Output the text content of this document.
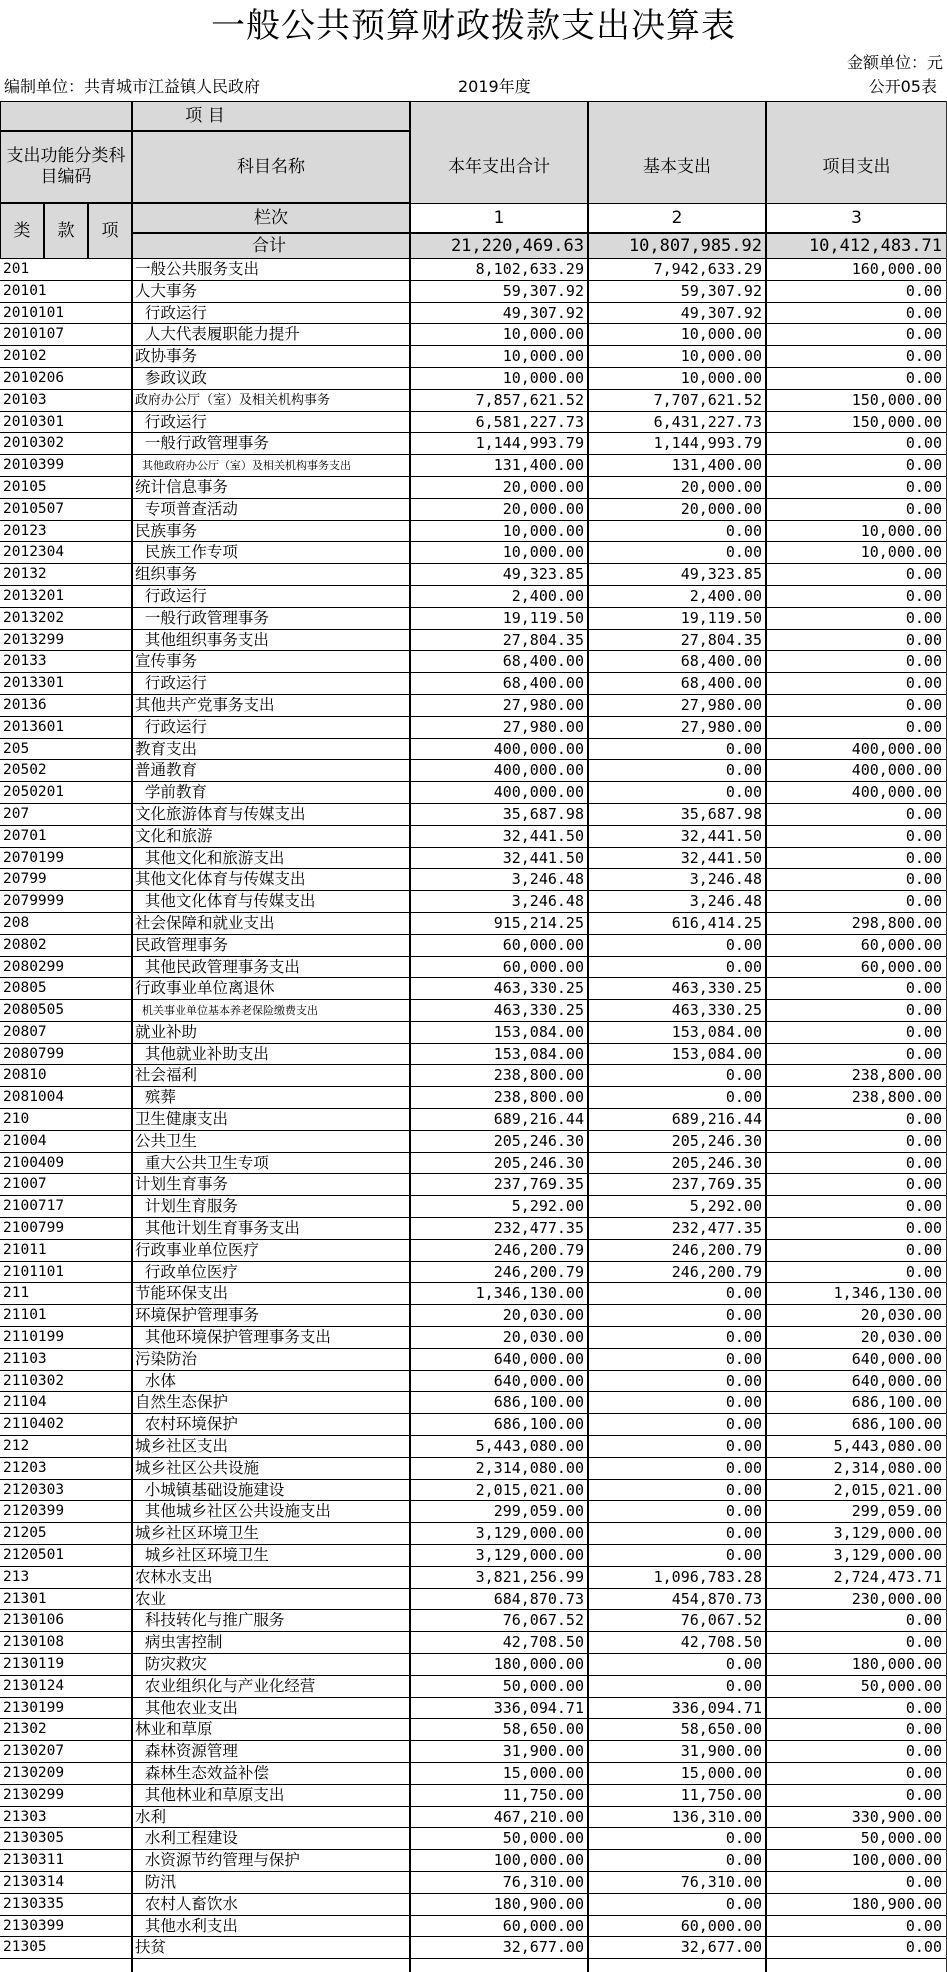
一般公共预算财政拨款支出决算表
金额单位：元
编制单位：共青城市江益镇人民政府	2019年度	公开05表
项 目
支出功能分类科目编码
科目名称	本年支出合计	基本支出	项目支出
1	2	3
类	款	项
栏次
合计	21,220,469.63	10,807,985.92	10,412,483.71
201	一般公共服务支出	8,102,633.29	7,942,633.29	160,000.00
20101	人大事务	59,307.92	59,307.92	0.00
2010101	行政运行	49,307.92	49,307.92	0.00
2010107	人大代表履职能力提升	10,000.00	10,000.00	0.00
20102	政协事务	10,000.00	10,000.00	0.00
2010206	参政议政	10,000.00	10,000.00	0.00
20103	政府办公厅（室）及相关机构事务	7,857,621.52	7,707,621.52	150,000.00
2010301	行政运行	6,581,227.73	6,431,227.73	150,000.00
2010302	一般行政管理事务	1,144,993.79	1,144,993.79	0.00
2010399	其他政府办公厅（室）及相关机构事务支出	131,400.00	131,400.00	0.00
20105	统计信息事务	20,000.00	20,000.00	0.00
2010507	专项普查活动	20,000.00	20,000.00	0.00
20123	民族事务	10,000.00	0.00	10,000.00
2012304	民族工作专项	10,000.00	0.00	10,000.00
20132	组织事务	49,323.85	49,323.85	0.00
2013201	行政运行	2,400.00	2,400.00	0.00
2013202	一般行政管理事务	19,119.50	19,119.50	0.00
2013299	其他组织事务支出	27,804.35	27,804.35	0.00
20133	宣传事务	68,400.00	68,400.00	0.00
2013301	行政运行	68,400.00	68,400.00	0.00
20136	其他共产党事务支出	27,980.00	27,980.00	0.00
2013601	行政运行	27,980.00	27,980.00	0.00
205	教育支出	400,000.00	0.00	400,000.00
20502	普通教育	400,000.00	0.00	400,000.00
2050201	学前教育	400,000.00	0.00	400,000.00
207	文化旅游体育与传媒支出	35,687.98	35,687.98	0.00
20701	文化和旅游	32,441.50	32,441.50	0.00
2070199	其他文化和旅游支出	32,441.50	32,441.50	0.00
20799	其他文化体育与传媒支出	3,246.48	3,246.48	0.00
2079999	其他文化体育与传媒支出	3,246.48	3,246.48	0.00
208	社会保障和就业支出	915,214.25	616,414.25	298,800.00
20802	民政管理事务	60,000.00	0.00	60,000.00
2080299	其他民政管理事务支出	60,000.00	0.00	60,000.00
20805	行政事业单位离退休	463,330.25	463,330.25	0.00
2080505	机关事业单位基本养老保险缴费支出	463,330.25	463,330.25	0.00
20807	就业补助	153,084.00	153,084.00	0.00
2080799	其他就业补助支出	153,084.00	153,084.00	0.00
20810	社会福利	238,800.00	0.00	238,800.00
2081004	殡葬	238,800.00	0.00	238,800.00
210	卫生健康支出	689,216.44	689,216.44	0.00
21004	公共卫生	205,246.30	205,246.30	0.00
2100409	重大公共卫生专项	205,246.30	205,246.30	0.00
21007	计划生育事务	237,769.35	237,769.35	0.00
2100717	计划生育服务	5,292.00	5,292.00	0.00
2100799	其他计划生育事务支出	232,477.35	232,477.35	0.00
21011	行政事业单位医疗	246,200.79	246,200.79	0.00
2101101	行政单位医疗	246,200.79	246,200.79	0.00
211	节能环保支出	1,346,130.00	0.00	1,346,130.00
21101	环境保护管理事务	20,030.00	0.00	20,030.00
2110199	其他环境保护管理事务支出	20,030.00	0.00	20,030.00
21103	污染防治	640,000.00	0.00	640,000.00
2110302	水体	640,000.00	0.00	640,000.00
21104	自然生态保护	686,100.00	0.00	686,100.00
2110402	农村环境保护	686,100.00	0.00	686,100.00
212	城乡社区支出	5,443,080.00	0.00	5,443,080.00
21203	城乡社区公共设施	2,314,080.00	0.00	2,314,080.00
2120303	小城镇基础设施建设	2,015,021.00	0.00	2,015,021.00
2120399	其他城乡社区公共设施支出	299,059.00	0.00	299,059.00
21205	城乡社区环境卫生	3,129,000.00	0.00	3,129,000.00
2120501	城乡社区环境卫生	3,129,000.00	0.00	3,129,000.00
213	农林水支出	3,821,256.99	1,096,783.28	2,724,473.71
21301	农业	684,870.73	454,870.73	230,000.00
2130106	科技转化与推广服务	76,067.52	76,067.52	0.00
2130108	病虫害控制	42,708.50	42,708.50	0.00
2130119	防灾救灾	180,000.00	0.00	180,000.00
2130124	农业组织化与产业化经营	50,000.00	0.00	50,000.00
2130199	其他农业支出	336,094.71	336,094.71	0.00
21302	林业和草原	58,650.00	58,650.00	0.00
2130207	森林资源管理	31,900.00	31,900.00	0.00
2130209	森林生态效益补偿	15,000.00	15,000.00	0.00
2130299	其他林业和草原支出	11,750.00	11,750.00	0.00
21303	水利	467,210.00	136,310.00	330,900.00
2130305	水利工程建设	50,000.00	0.00	50,000.00
2130311	水资源节约管理与保护	100,000.00	0.00	100,000.00
2130314	防汛	76,310.00	76,310.00	0.00
2130335	农村人畜饮水	180,900.00	0.00	180,900.00
2130399	其他水利支出	60,000.00	60,000.00	0.00
21305	扶贫	32,677.00	32,677.00	0.00
